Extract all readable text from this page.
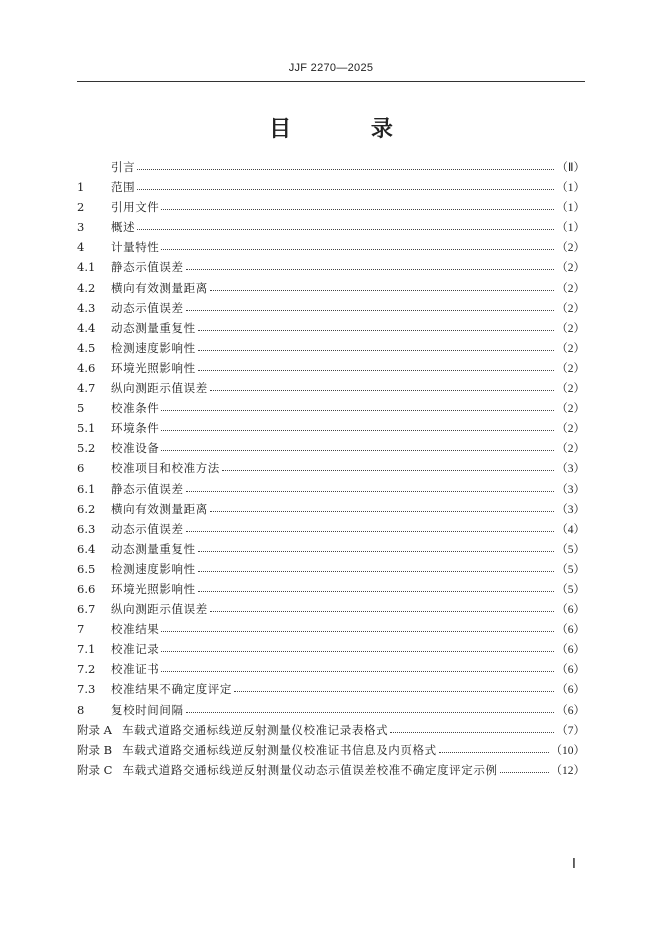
JJF 2270—2025
目 录
引言	（Ⅱ）
1	范围	（1）
2	引用文件	（1）
3	概述	（1）
4	计量特性	（2）
4.1	静态示值误差	（2）
4.2	横向有效测量距离	（2）
4.3	动态示值误差	（2）
4.4	动态测量重复性	（2）
4.5	检测速度影响性	（2）
4.6	环境光照影响性	（2）
4.7	纵向测距示值误差	（2）
5	校准条件	（2）
5.1	环境条件	（2）
5.2	校准设备	（2）
6	校准项目和校准方法	（3）
6.1	静态示值误差	（3）
6.2	横向有效测量距离	（3）
6.3	动态示值误差	（4）
6.4	动态测量重复性	（5）
6.5	检测速度影响性	（5）
6.6	环境光照影响性	（5）
6.7	纵向测距示值误差	（6）
7	校准结果	（6）
7.1	校准记录	（6）
7.2	校准证书	（6）
7.3	校准结果不确定度评定	（6）
8	复校时间间隔	（6）
附录 A 车载式道路交通标线逆反射测量仪校准记录表格式	（7）
附录 B 车载式道路交通标线逆反射测量仪校准证书信息及内页格式	（10）
附录 C 车载式道路交通标线逆反射测量仪动态示值误差校准不确定度评定示例	（12）
Ⅰ
